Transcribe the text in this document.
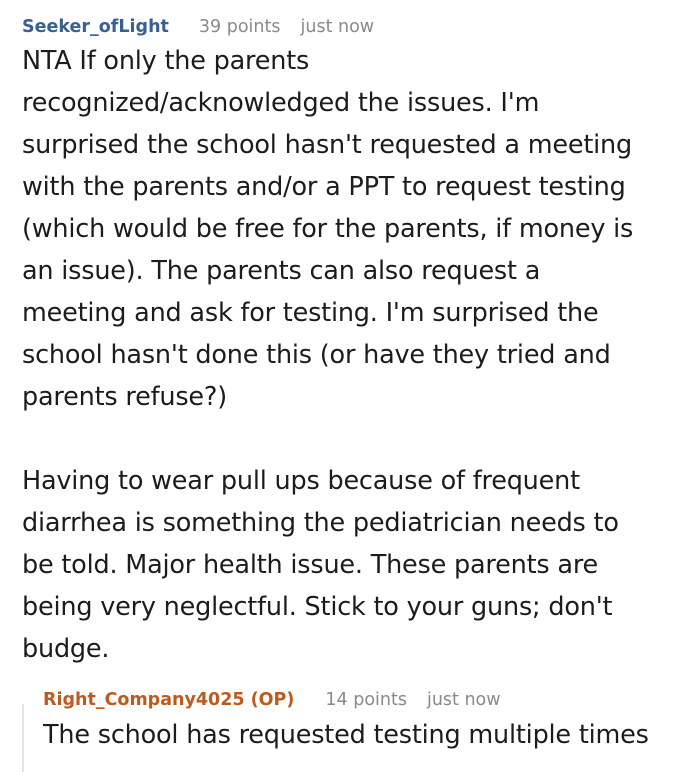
Seeker_ofLight 39 points just now

NTA If only the parents

recognized/acknowledged the issues. I'm

surprised the school hasn't requested a meeting

with the parents and/or a PPT to request testing

(which would be free for the parents, if money is

an issue). The parents can also request a

meeting and ask for testing. I'm surprised the

school hasn't done this (or have they tried and

parents refuse?)

Having to wear pull ups because of frequent

diarrhea is something the pediatrician needs to

be told. Major health issue. These parents are

being very neglectful. Stick to your guns; don't

budge.

Right_Company4025 (OP) 14 points just now
The school has requested testing multiple times
